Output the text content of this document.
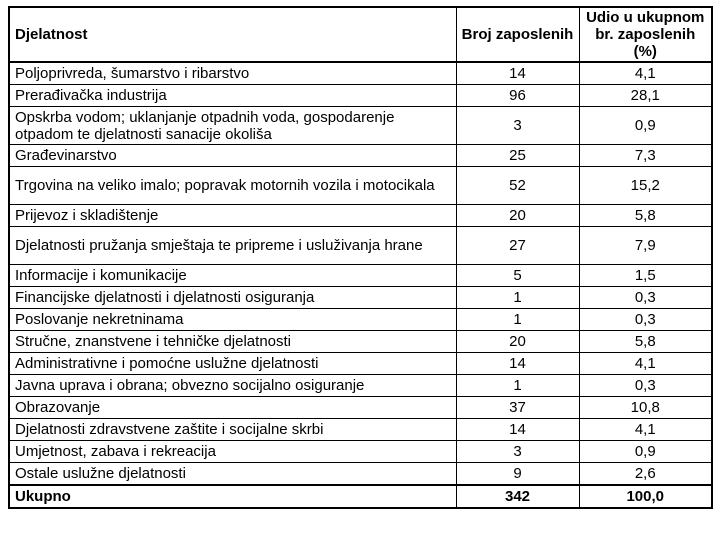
Djelatnost	Broj zaposlenih	Udio u ukupnom br. zaposlenih (%)
Poljoprivreda, šumarstvo i ribarstvo	14	4,1
Prerađivačka industrija	96	28,1
Opskrba vodom; uklanjanje otpadnih voda, gospodarenje otpadom te djelatnosti sanacije okoliša	3	0,9
Građevinarstvo	25	7,3
Trgovina na veliko imalo; popravak motornih vozila i motocikala	52	15,2
Prijevoz i skladištenje	20	5,8
Djelatnosti pružanja smještaja te pripreme i usluživanja hrane	27	7,9
Informacije i komunikacije	5	1,5
Financijske djelatnosti i djelatnosti osiguranja	1	0,3
Poslovanje nekretninama	1	0,3
Stručne, znanstvene i tehničke djelatnosti	20	5,8
Administrativne i pomoćne uslužne djelatnosti	14	4,1
Javna uprava i obrana; obvezno socijalno osiguranje	1	0,3
Obrazovanje	37	10,8
Djelatnosti zdravstvene zaštite i socijalne skrbi	14	4,1
Umjetnost, zabava i rekreacija	3	0,9
Ostale uslužne djelatnosti	9	2,6
Ukupno	342	100,0
